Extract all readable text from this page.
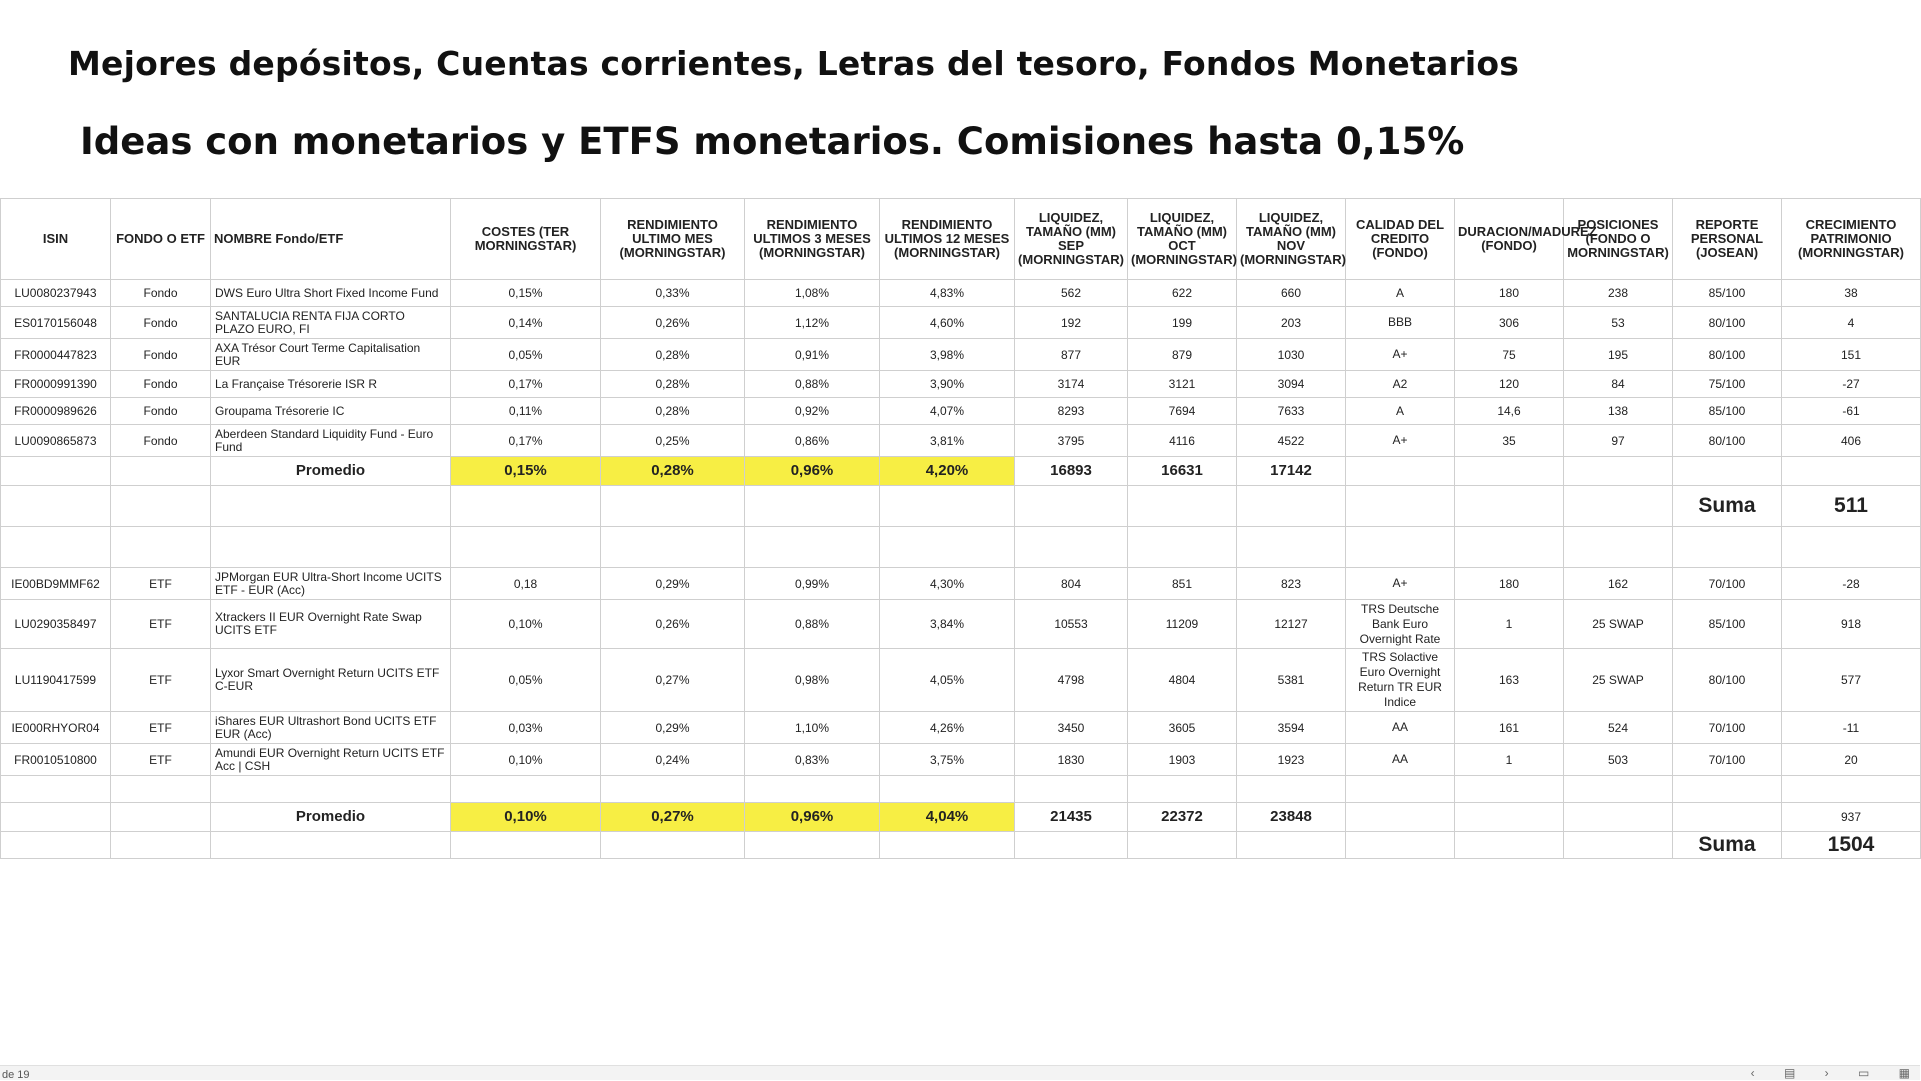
Mejores depósitos, Cuentas corrientes, Letras del tesoro, Fondos Monetarios
Ideas con monetarios y ETFS monetarios. Comisiones hasta 0,15%
ISIN	FONDO O ETF	NOMBRE Fondo/ETF	COSTES (TER MORNINGSTAR)	RENDIMIENTO ULTIMO MES (MORNINGSTAR)	RENDIMIENTO ULTIMOS 3 MESES (MORNINGSTAR)	RENDIMIENTO ULTIMOS 12 MESES (MORNINGSTAR)	LIQUIDEZ, TAMAÑO (MM) SEP (MORNINGSTAR)	LIQUIDEZ, TAMAÑO (MM) OCT (MORNINGSTAR)	LIQUIDEZ, TAMAÑO (MM) NOV (MORNINGSTAR)	CALIDAD DEL CREDITO (FONDO)	DURACION/MADUREZ (FONDO)	POSICIONES (FONDO O MORNINGSTAR)	REPORTE PERSONAL (JOSEAN)	CRECIMIENTO PATRIMONIO (MORNINGSTAR)
LU0080237943	Fondo	DWS Euro Ultra Short Fixed Income Fund	0,15%	0,33%	1,08%	4,83%	562	622	660	A	180	238	85/100	38
ES0170156048	Fondo	SANTALUCIA RENTA FIJA CORTO PLAZO EURO, FI	0,14%	0,26%	1,12%	4,60%	192	199	203	BBB	306	53	80/100	4
FR0000447823	Fondo	AXA Trésor Court Terme Capitalisation EUR	0,05%	0,28%	0,91%	3,98%	877	879	1030	A+	75	195	80/100	151
FR0000991390	Fondo	La Française Trésorerie ISR R	0,17%	0,28%	0,88%	3,90%	3174	3121	3094	A2	120	84	75/100	-27
FR0000989626	Fondo	Groupama Trésorerie IC	0,11%	0,28%	0,92%	4,07%	8293	7694	7633	A	14,6	138	85/100	-61
LU0090865873	Fondo	Aberdeen Standard Liquidity Fund - Euro Fund	0,17%	0,25%	0,86%	3,81%	3795	4116	4522	A+	35	97	80/100	406
		Promedio	0,15%	0,28%	0,96%	4,20%	16893	16631	17142					
													Suma	511

IE00BD9MMF62	ETF	JPMorgan EUR Ultra-Short Income UCITS ETF - EUR (Acc)	0,18	0,29%	0,99%	4,30%	804	851	823	A+	180	162	70/100	-28
LU0290358497	ETF	Xtrackers II EUR Overnight Rate Swap UCITS ETF	0,10%	0,26%	0,88%	3,84%	10553	11209	12127	TRS Deutsche Bank Euro Overnight Rate	1	25 SWAP	85/100	918
LU1190417599	ETF	Lyxor Smart Overnight Return UCITS ETF C-EUR	0,05%	0,27%	0,98%	4,05%	4798	4804	5381	TRS Solactive Euro Overnight Return TR EUR Indice	163	25 SWAP	80/100	577
IE000RHYOR04	ETF	iShares EUR Ultrashort Bond UCITS ETF EUR (Acc)	0,03%	0,29%	1,10%	4,26%	3450	3605	3594	AA	161	524	70/100	-11
FR0010510800	ETF	Amundi EUR Overnight Return UCITS ETF Acc | CSH	0,10%	0,24%	0,83%	3,75%	1830	1903	1923	AA	1	503	70/100	20

		Promedio	0,10%	0,27%	0,96%	4,04%	21435	22372	23848					937
													Suma	1504
de 19	‹ ▤ › ▭ ▦
